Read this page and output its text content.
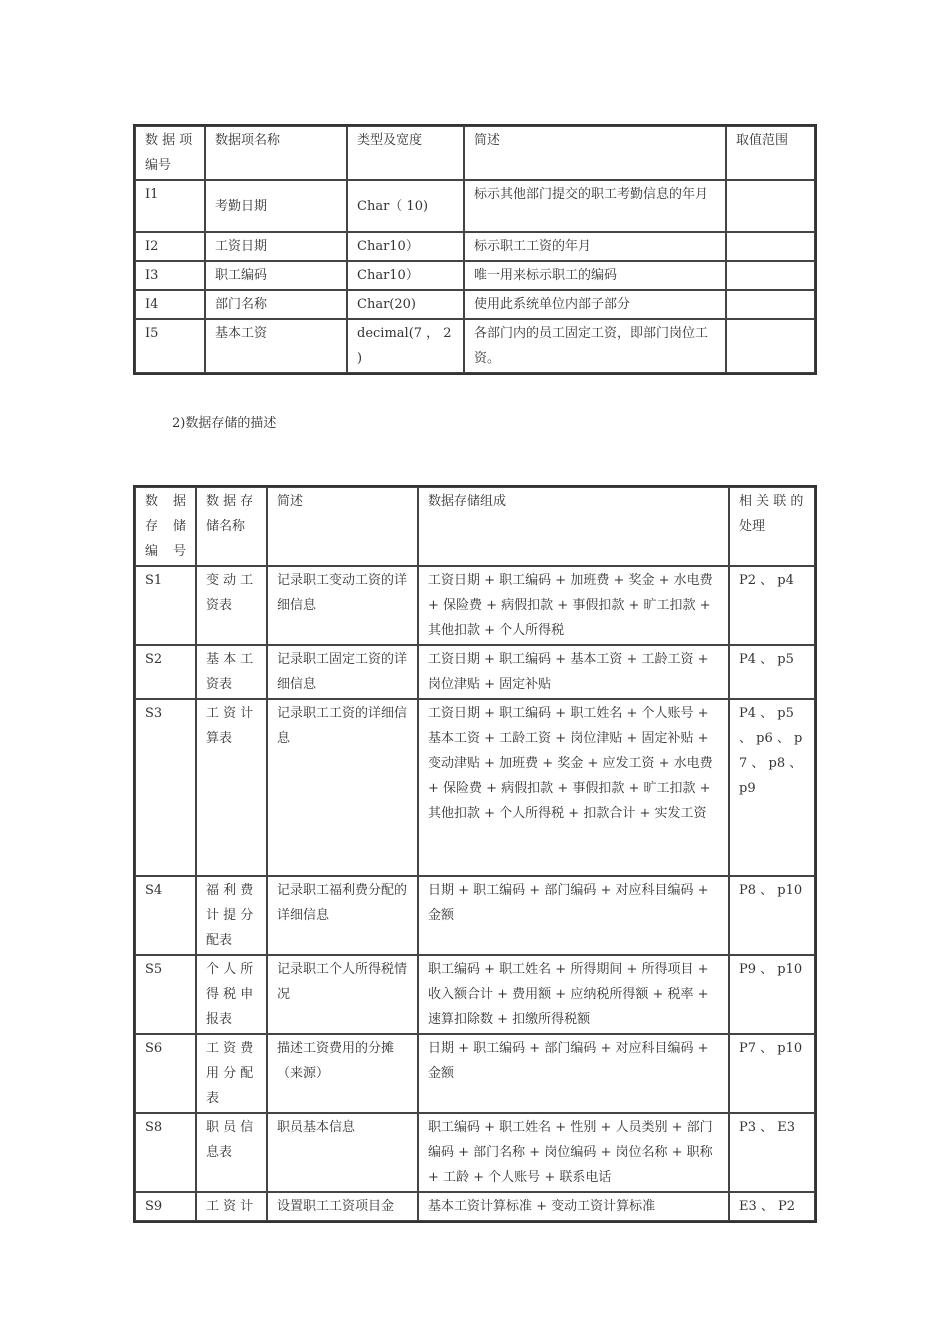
数 据 项 编号	数据项名称	类型及宽度	简述	取值范围
I1	考勤日期	Char（ 10)	标示其他部门提交的职工考勤信息的年月	
I2	工资日期	Char10）	标示职工工资的年月	
I3	职工编码	Char10）	唯一用来标示职工的编码	
I4	部门名称	Char(20)	使用此系统单位内部子部分	
I5	基本工资	decimal(7 ， 2 )	各部门内的员工固定工资，即部门岗位工资。	
2)数据存储的描述
数 据 存 储 编号	数 据 存 储名称	简述	数据存储组成	相 关 联 的 处理
S1	变 动 工 资表	记录职工变动工资的详细信息	工资日期 + 职工编码 + 加班费 + 奖金 + 水电费 + 保险费 + 病假扣款 + 事假扣款 + 旷工扣款 + 其他扣款 + 个人所得税	P2 、 p4
S2	基 本 工 资表	记录职工固定工资的详细信息	工资日期 + 职工编码 + 基本工资 + 工龄工资 + 岗位津贴 + 固定补贴	P4 、 p5
S3	工 资 计 算表	记录职工工资的详细信息	工资日期 + 职工编码 + 职工姓名 + 个人账号 + 基本工资 + 工龄工资 + 岗位津贴 + 固定补贴 + 变动津贴 + 加班费 + 奖金 + 应发工资 + 水电费 + 保险费 + 病假扣款 + 事假扣款 + 旷工扣款 + 其他扣款 + 个人所得税 + 扣款合计 + 实发工资	P4 、 p5 、 p6 、 p7 、 p8 、 p9
S4	福 利 费 计 提 分 配表	记录职工福利费分配的详细信息	日期 + 职工编码 + 部门编码 + 对应科目编码 + 金额	P8 、 p10
S5	个 人 所 得 税 申 报表	记录职工个人所得税情况	职工编码 + 职工姓名 + 所得期间 + 所得项目 + 收入额合计 + 费用额 + 应纳税所得额 + 税率 + 速算扣除数 + 扣缴所得税额	P9 、 p10
S6	工 资 费 用 分 配 表	描述工资费用的分摊（来源）	日期 + 职工编码 + 部门编码 + 对应科目编码 + 金额	P7 、 p10
S8	职 员 信 息表	职员基本信息	职工编码 + 职工姓名 + 性别 + 人员类别 + 部门编码 + 部门名称 + 岗位编码 + 岗位名称 + 职称 + 工龄 + 个人账号 + 联系电话	P3 、 E3
S9	工 资 计	设置职工工资项目金	基本工资计算标准 + 变动工资计算标准	E3 、 P2
